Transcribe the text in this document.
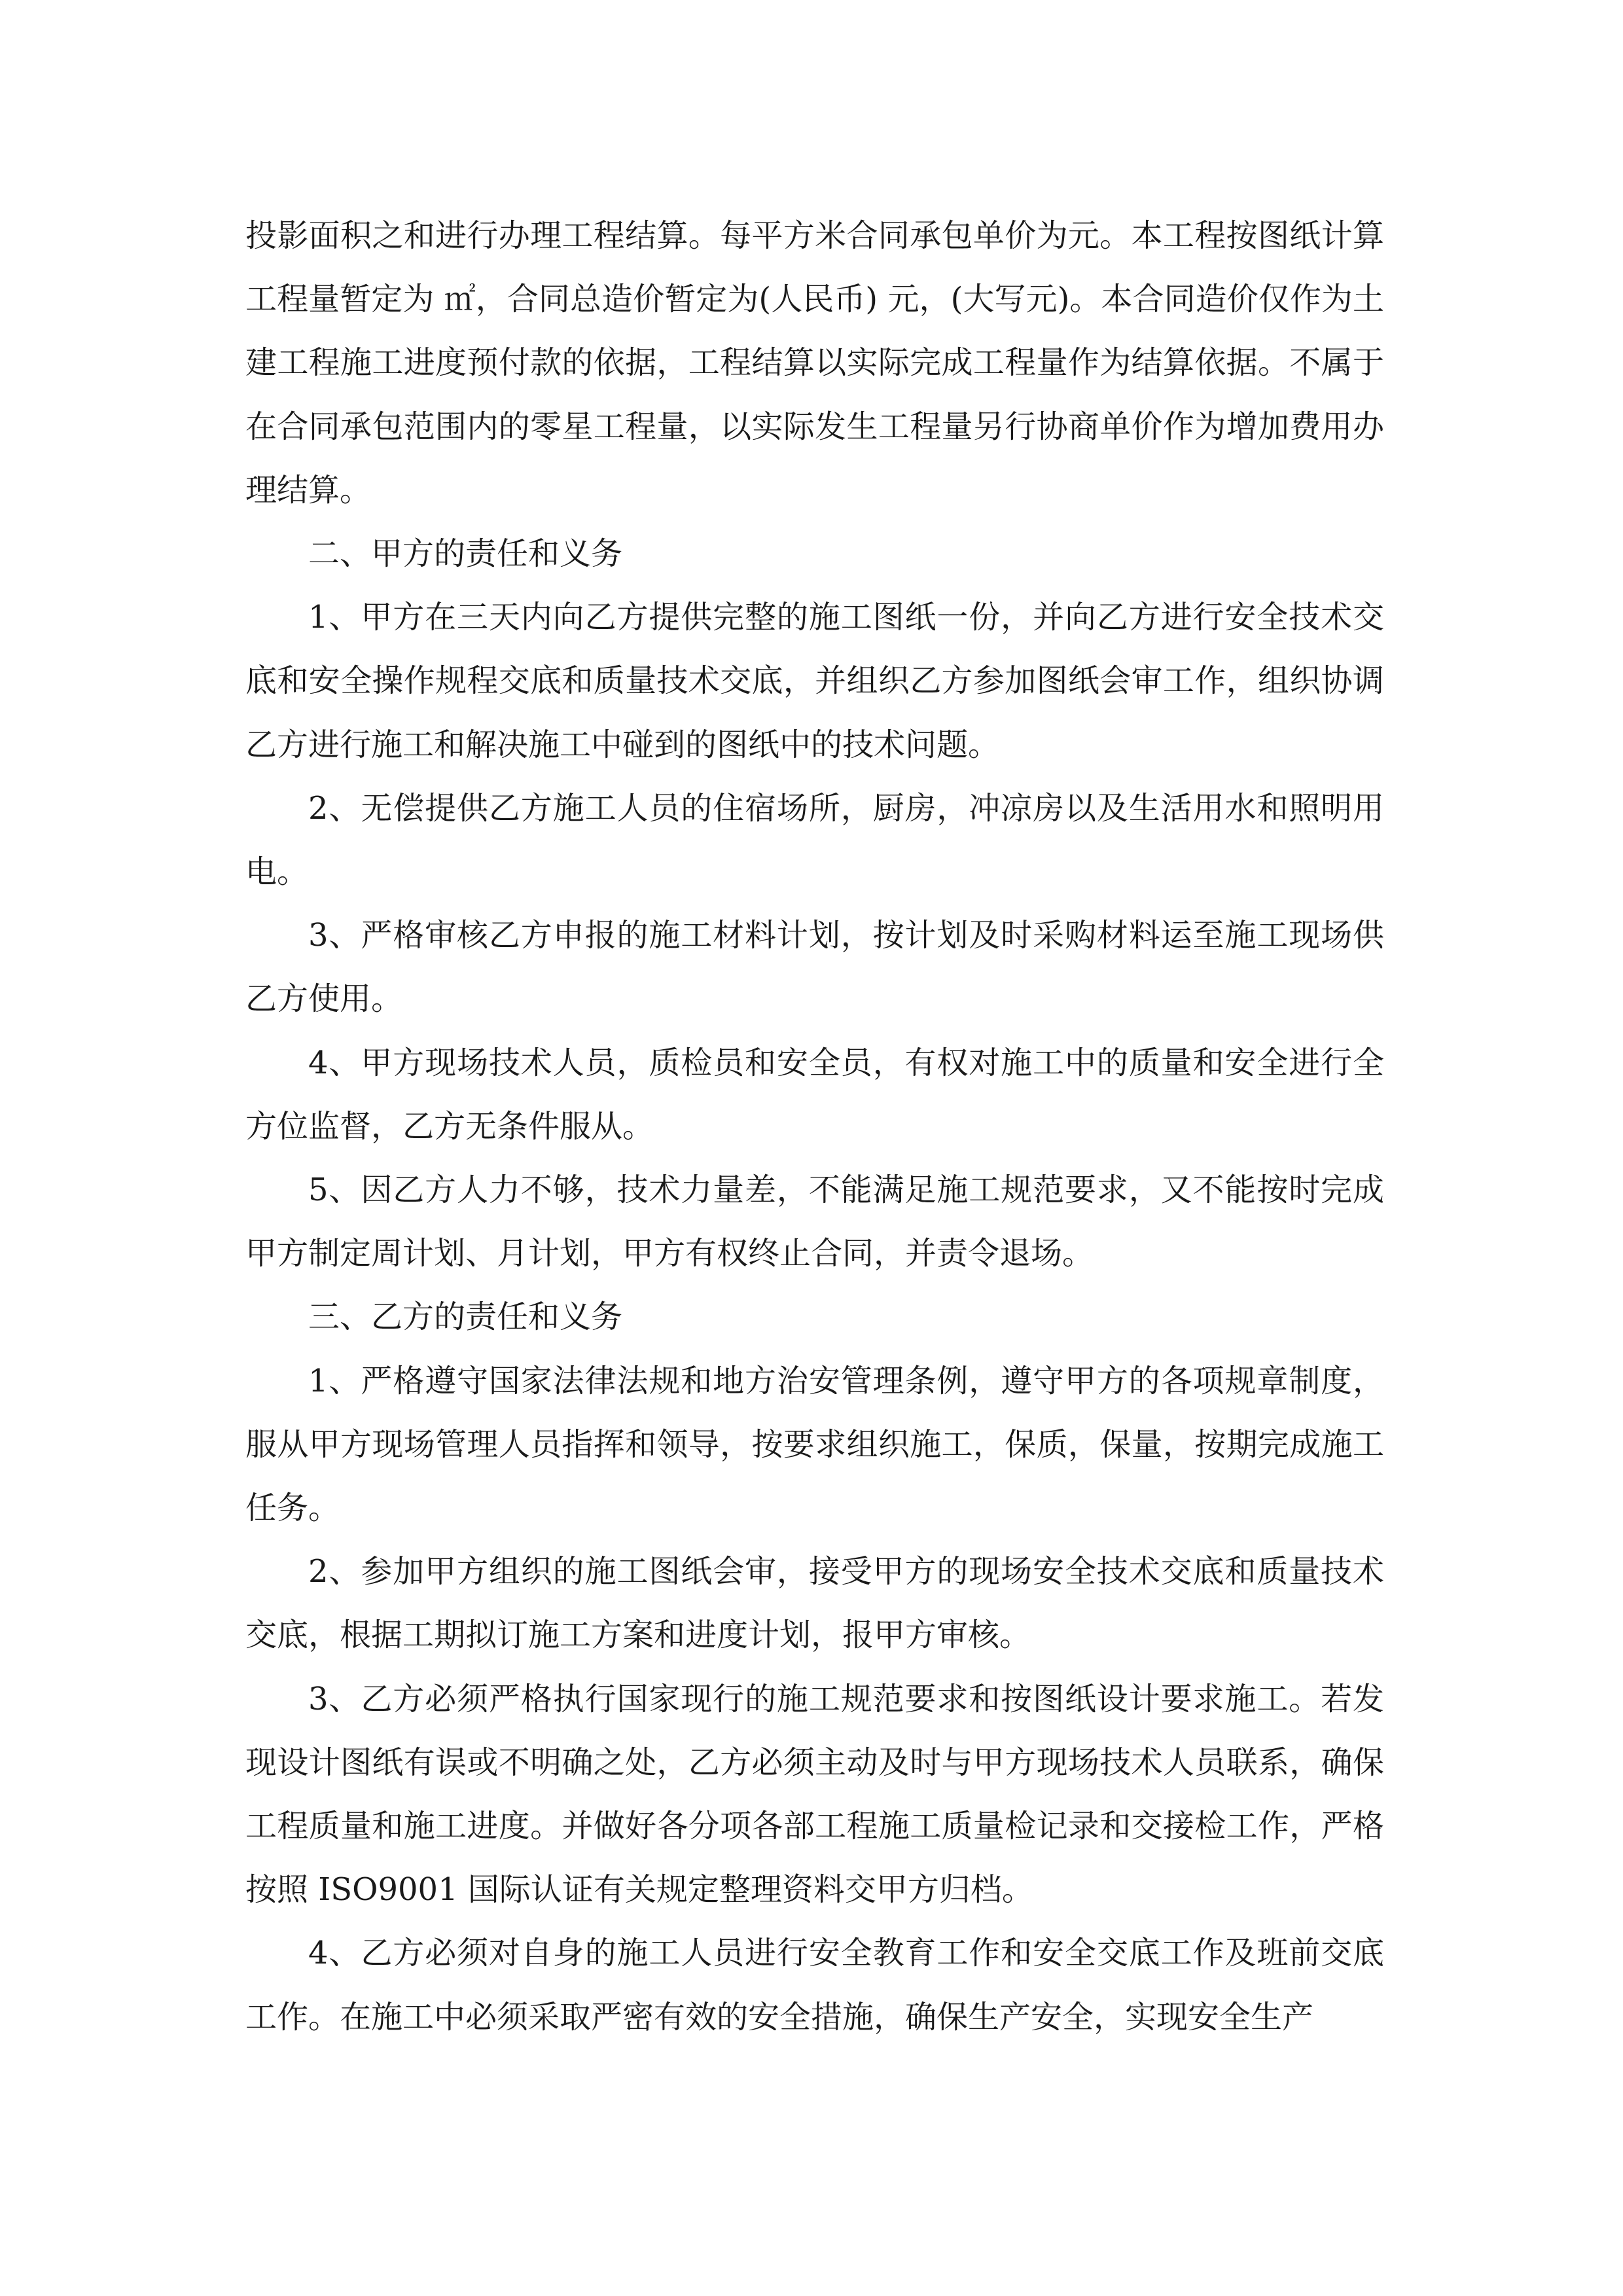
投影面积之和进行办理工程结算。每平方米合同承包单价为元。本工程按图纸计算工程量暂定为 ㎡，合同总造价暂定为(人民币) 元，(大写元)。本合同造价仅作为土建工程施工进度预付款的依据，工程结算以实际完成工程量作为结算依据。不属于在合同承包范围内的零星工程量，以实际发生工程量另行协商单价作为增加费用办理结算。

二、甲方的责任和义务

1、甲方在三天内向乙方提供完整的施工图纸一份，并向乙方进行安全技术交底和安全操作规程交底和质量技术交底，并组织乙方参加图纸会审工作，组织协调乙方进行施工和解决施工中碰到的图纸中的技术问题。

2、无偿提供乙方施工人员的住宿场所，厨房，冲凉房以及生活用水和照明用电。

3、严格审核乙方申报的施工材料计划，按计划及时采购材料运至施工现场供乙方使用。

4、甲方现场技术人员，质检员和安全员，有权对施工中的质量和安全进行全方位监督，乙方无条件服从。

5、因乙方人力不够，技术力量差，不能满足施工规范要求，又不能按时完成甲方制定周计划、月计划，甲方有权终止合同，并责令退场。

三、乙方的责任和义务

1、严格遵守国家法律法规和地方治安管理条例，遵守甲方的各项规章制度，服从甲方现场管理人员指挥和领导，按要求组织施工，保质，保量，按期完成施工任务。

2、参加甲方组织的施工图纸会审，接受甲方的现场安全技术交底和质量技术交底，根据工期拟订施工方案和进度计划，报甲方审核。

3、乙方必须严格执行国家现行的施工规范要求和按图纸设计要求施工。若发现设计图纸有误或不明确之处，乙方必须主动及时与甲方现场技术人员联系，确保工程质量和施工进度。并做好各分项各部工程施工质量检记录和交接检工作，严格按照 ISO9001 国际认证有关规定整理资料交甲方归档。

4、乙方必须对自身的施工人员进行安全教育工作和安全交底工作及班前交底工作。在施工中必须采取严密有效的安全措施，确保生产安全，实现安全生产
